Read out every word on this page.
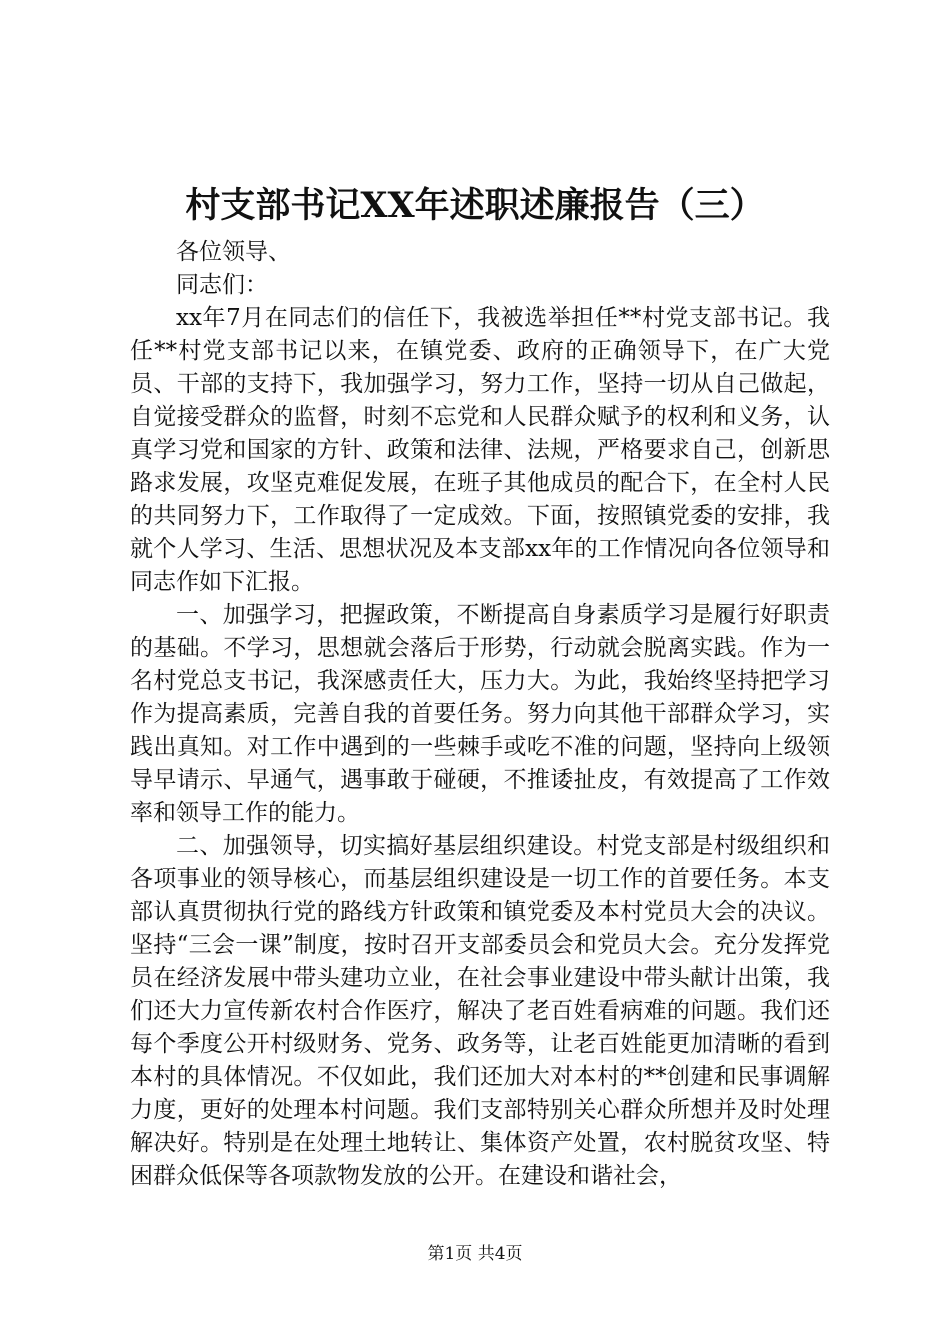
村支部书记XX年述职述廉报告（三）

各位领导、

同志们：

xx年7月在同志们的信任下，我被选举担任**村党支部书记。我任**村党支部书记以来，在镇党委、政府的正确领导下，在广大党员、干部的支持下，我加强学习，努力工作，坚持一切从自己做起，自觉接受群众的监督，时刻不忘党和人民群众赋予的权利和义务，认真学习党和国家的方针、政策和法律、法规，严格要求自己，创新思路求发展，攻坚克难促发展，在班子其他成员的配合下，在全村人民的共同努力下，工作取得了一定成效。下面，按照镇党委的安排，我就个人学习、生活、思想状况及本支部xx年的工作情况向各位领导和同志作如下汇报。

一、加强学习，把握政策，不断提高自身素质学习是履行好职责的基础。不学习，思想就会落后于形势，行动就会脱离实践。作为一名村党总支书记，我深感责任大，压力大。为此，我始终坚持把学习作为提高素质，完善自我的首要任务。努力向其他干部群众学习，实践出真知。对工作中遇到的一些棘手或吃不准的问题，坚持向上级领导早请示、早通气，遇事敢于碰硬，不推诿扯皮，有效提高了工作效率和领导工作的能力。

二、加强领导，切实搞好基层组织建设。村党支部是村级组织和各项事业的领导核心，而基层组织建设是一切工作的首要任务。本支部认真贯彻执行党的路线方针政策和镇党委及本村党员大会的决议。坚持“三会一课”制度，按时召开支部委员会和党员大会。充分发挥党员在经济发展中带头建功立业，在社会事业建设中带头献计出策，我们还大力宣传新农村合作医疗，解决了老百姓看病难的问题。我们还每个季度公开村级财务、党务、政务等，让老百姓能更加清晰的看到本村的具体情况。不仅如此，我们还加大对本村的**创建和民事调解力度，更好的处理本村问题。我们支部特别关心群众所想并及时处理解决好。特别是在处理土地转让、集体资产处置，农村脱贫攻坚、特困群众低保等各项款物发放的公开。在建设和谐社会，

第1页 共4页
